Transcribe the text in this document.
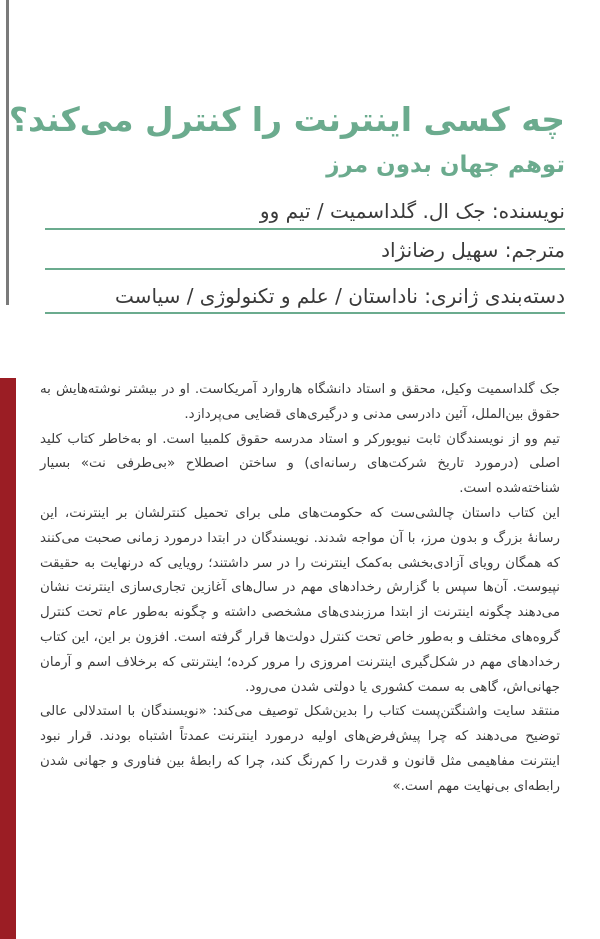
چه کسی اینترنت را کنترل می‌کند؟
توهم جهان بدون مرز
نویسنده: جک ال. گلداسمیت / تیم وو
مترجم: سهیل رضانژاد
دسته‌بندی ژانری: ناداستان / علم و تکنولوژی / سیاست

جک گلداسمیت وکیل، محقق و استاد دانشگاه هاروارد آمریکاست. او در بیشتر نوشته‌هایش به حقوق بین‌الملل، آئین دادرسی مدنی و درگیری‌های قضایی می‌پردازد.

تیم وو از نویسندگان ثابت نیویورکر و استاد مدرسه حقوق کلمبیا است. او به‌خاطر کتاب کلید اصلی (درمورد تاریخ شرکت‌های رسانه‌ای) و ساختن اصطلاح «بی‌طرفی نت» بسیار شناخته‌شده است.

این کتاب داستان چالشی‌ست که حکومت‌های ملی برای تحمیل کنترلشان بر اینترنت، این رسانهٔ بزرگ و بدون مرز، با آن مواجه شدند. نویسندگان در ابتدا درمورد زمانی صحبت می‌کنند که همگان رویای آزادی‌بخشی به‌کمک اینترنت را در سر داشتند؛ رویایی که درنهایت به حقیقت نپیوست. آن‌ها سپس با گزارش رخدادهای مهم در سال‌های آغازین تجاری‌سازی اینترنت نشان می‌دهند چگونه اینترنت از ابتدا مرزبندی‌های مشخصی داشته و چگونه به‌طور عام تحت کنترل گروه‌های مختلف و به‌طور خاص تحت کنترل دولت‌ها قرار گرفته است. افزون بر این، این کتاب رخدادهای مهم در شکل‌گیری اینترنت امروزی را مرور کرده؛ اینترنتی که برخلاف اسم و آرمان جهانی‌اش، گاهی به سمت کشوری یا دولتی شدن می‌رود.

منتقد سایت واشنگتن‌پست کتاب را بدین‌شکل توصیف می‌کند: «نویسندگان با استدلالی عالی توضیح می‌دهند که چرا پیش‌فرض‌های اولیه درمورد اینترنت عمدتاً اشتباه بودند. قرار نبود اینترنت مفاهیمی مثل قانون و قدرت را کم‌رنگ کند، چرا که رابطهٔ بین فناوری و جهانی شدن رابطه‌ای بی‌نهایت مهم است.»
